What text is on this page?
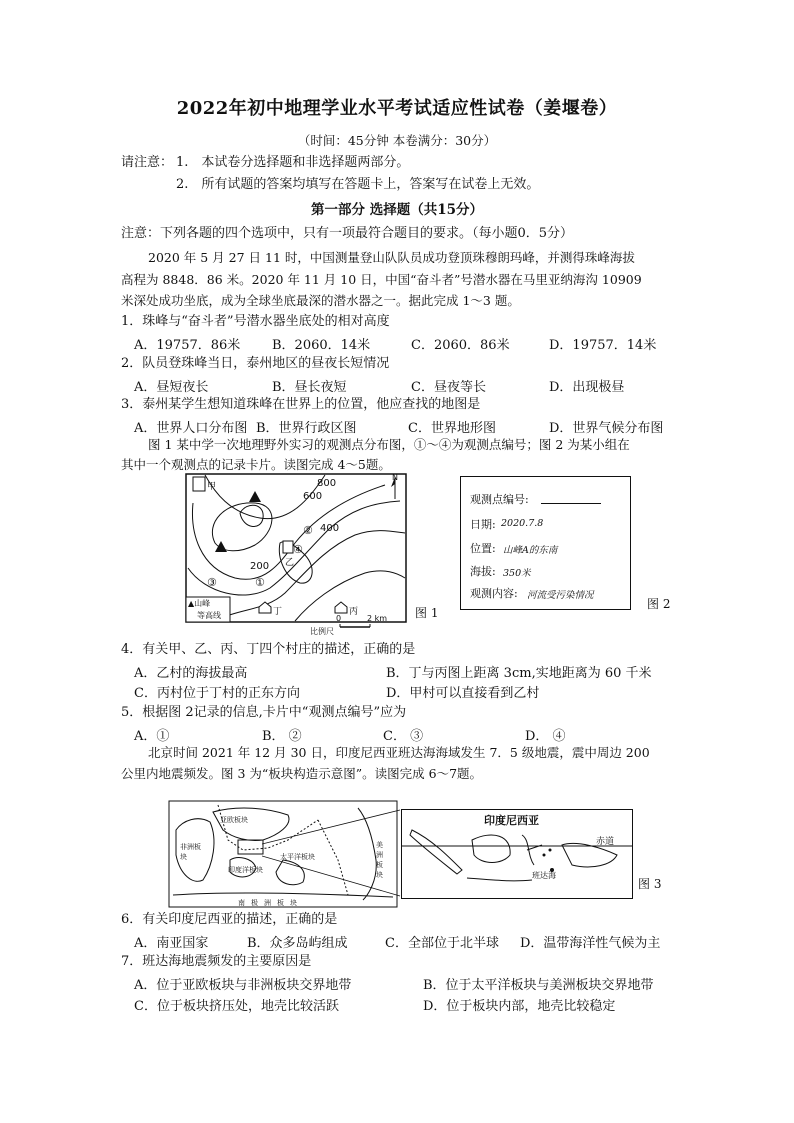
2022年初中地理学业水平考试适应性试卷（姜堰卷）
（时间：45分钟 本卷满分：30分）
请注意： 1.　本试卷分选择题和非选择题两部分。
2.　所有试题的答案均填写在答题卡上，答案写在试卷上无效。
第一部分 选择题（共15分）
注意：下列各题的四个选项中，只有一项最符合题目的要求。（每小题0．5分）
2020 年 5 月 27 日 11 时，中国测量登山队队员成功登顶珠穆朗玛峰，并测得珠峰海拔
高程为 8848．86 米。2020 年 11 月 10 日，中国“奋斗者”号潜水器在马里亚纳海沟 10909
米深处成功坐底，成为全球坐底最深的潜水器之一。据此完成 1～3 题。
1．珠峰与“奋斗者”号潜水器坐底处的相对高度
A．19757．86米 B．2060．14米	C．2060．86米	D．19757．14米
2．队员登珠峰当日，泰州地区的昼夜长短情况
A．昼短夜长	B．昼长夜短	C．昼夜等长	D．出现极昼
3．泰州某学生想知道珠峰在世界上的位置，他应查找的地图是
A．世界人口分布图 B．世界行政区图	C．世界地形图	D．世界气候分布图
图 1 某中学一次地理野外实习的观测点分布图，①～④为观测点编号；图 2 为某小组在
其中一个观测点的记录卡片。读图完成 4～5题。
800
600
400
200
N
①
②
③
④
甲
乙
丙
丁
▲山峰
等高线
比例尺
0	2 km 图 1
观测点编号:
日期: 2020.7.8
位置: 山峰A的东南
海拔: 350米
观测内容: 河流受污染情况
图 2
4．有关甲、乙、丙、丁四个村庄的描述，正确的是
A．乙村的海拔最高	B．丁与丙图上距离 3cm,实地距离为 60 千米
C．丙村位于丁村的正东方向	D．甲村可以直接看到乙村
5．根据图 2记录的信息,卡片中“观测点编号”应为
A．①	B． ②	C． ③	D． ④
北京时间 2021 年 12 月 30 日，印度尼西亚班达海海域发生 7．5 级地震，震中周边 200
公里内地震频发。图 3 为“板块构造示意图”。读图完成 6～7题。
亚欧板块
非洲板块
印度洋板块
太平洋板块
美洲板块
南极洲板块
印度尼西亚
赤道
班达海
图 3
6．有关印度尼西亚的描述，正确的是
A．南亚国家	B．众多岛屿组成	C．全部位于北半球 D．温带海洋性气候为主
7．班达海地震频发的主要原因是
A．位于亚欧板块与非洲板块交界地带	B．位于太平洋板块与美洲板块交界地带
C．位于板块挤压处，地壳比较活跃	D．位于板块内部，地壳比较稳定
